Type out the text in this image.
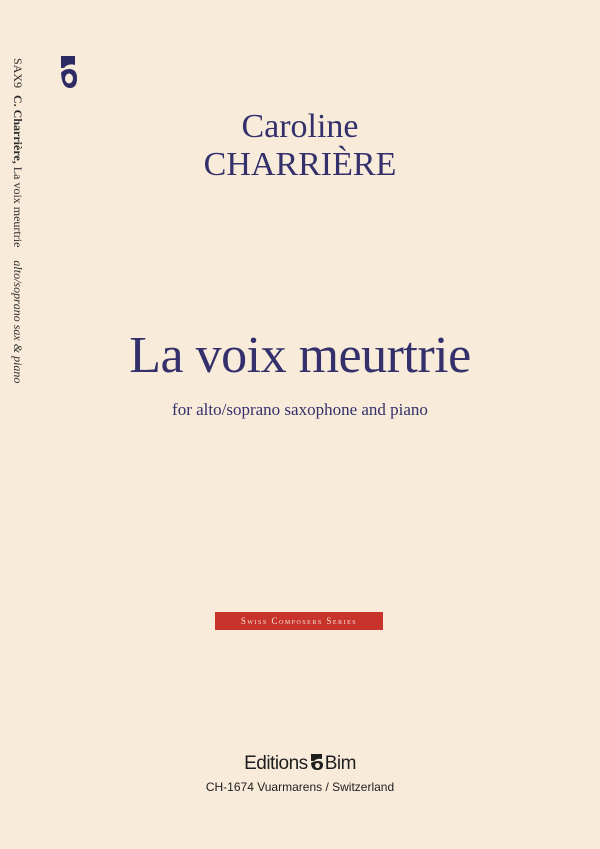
SAX9 C. Charrière, La voix meurtrie alto/soprano sax & piano
Caroline
CHARRIÈRE
La voix meurtrie
for alto/soprano saxophone and piano
Swiss Composers Series
Editions Bim
CH-1674 Vuarmarens / Switzerland
